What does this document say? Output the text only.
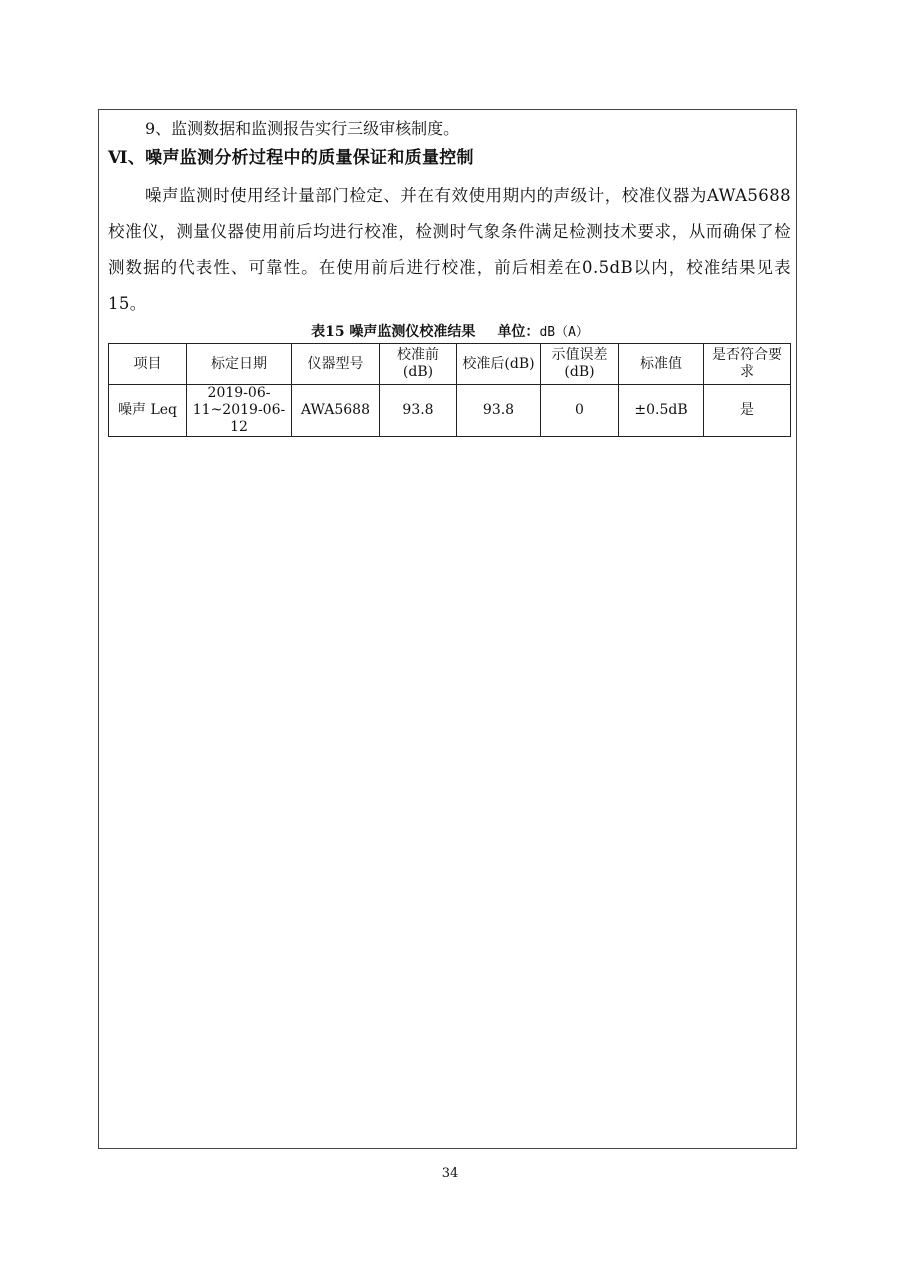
9、监测数据和监测报告实行三级审核制度。
Ⅵ、噪声监测分析过程中的质量保证和质量控制
噪声监测时使用经计量部门检定、并在有效使用期内的声级计，校准仪器为AWA5688校准仪，测量仪器使用前后均进行校准，检测时气象条件满足检测技术要求，从而确保了检测数据的代表性、可靠性。在使用前后进行校准，前后相差在0.5dB以内，校准结果见表15。
表15 噪声监测仪校准结果 单位：dB（A）
项目	标定日期	仪器型号	校准前(dB)	校准后(dB)	示值误差(dB)	标准值	是否符合要求
噪声 Leq	2019-06-11~2019-06-12	AWA5688	93.8	93.8	0	±0.5dB	是
34
